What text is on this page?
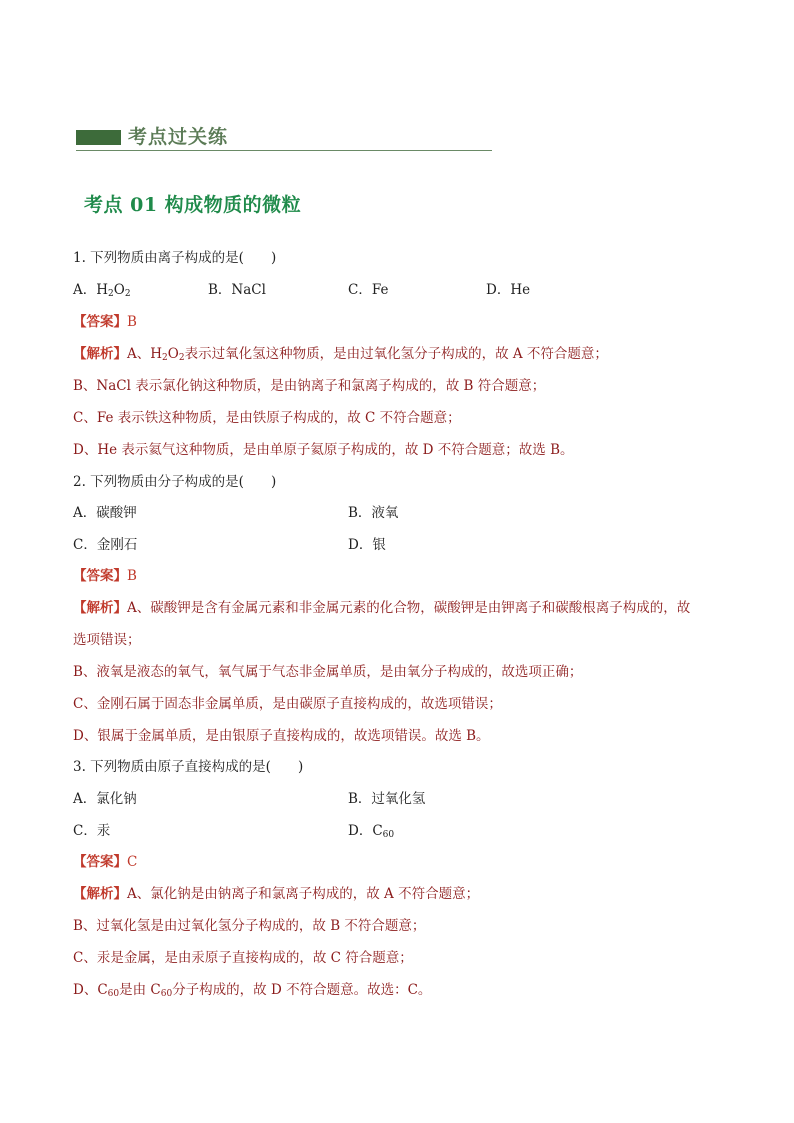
考点过关练
考点 01 构成物质的微粒
1. 下列物质由离子构成的是(　　)
A．$H_2O_2$	B．NaCl	C．Fe	D．He
【答案】B
【解析】A、$H_2O_2$表示过氧化氢这种物质，是由过氧化氢分子构成的，故 A 不符合题意；
B、NaCl 表示氯化钠这种物质，是由钠离子和氯离子构成的，故 B 符合题意；
C、Fe 表示铁这种物质，是由铁原子构成的，故 C 不符合题意；
D、He 表示氦气这种物质，是由单原子氦原子构成的，故 D 不符合题意；故选 B。
2. 下列物质由分子构成的是(　　)
A．碳酸钾	B．液氧
C．金刚石	D．银
【答案】B
【解析】A、碳酸钾是含有金属元素和非金属元素的化合物，碳酸钾是由钾离子和碳酸根离子构成的，故
选项错误；
B、液氧是液态的氧气，氧气属于气态非金属单质，是由氧分子构成的，故选项正确；
C、金刚石属于固态非金属单质，是由碳原子直接构成的，故选项错误；
D、银属于金属单质，是由银原子直接构成的，故选项错误。故选 B。
3. 下列物质由原子直接构成的是(　　)
A．氯化钠	B．过氧化氢
C．汞	D．$C_{60}$
【答案】C
【解析】A、氯化钠是由钠离子和氯离子构成的，故 A 不符合题意；
B、过氧化氢是由过氧化氢分子构成的，故 B 不符合题意；
C、汞是金属，是由汞原子直接构成的，故 C 符合题意；
D、$C_{60}$是由 $C_{60}$分子构成的，故 D 不符合题意。故选：C。
